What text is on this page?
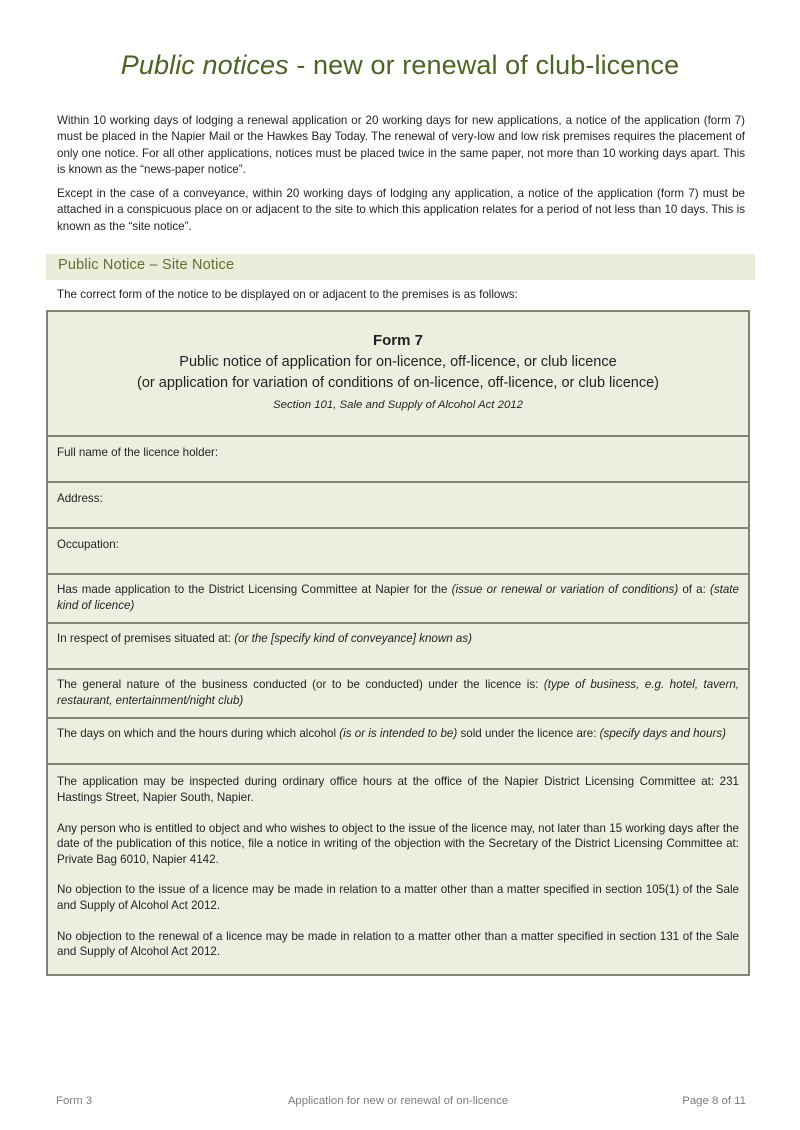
Public notices - new or renewal of club-licence
Within 10 working days of lodging a renewal application or 20 working days for new applications, a notice of the application (form 7) must be placed in the Napier Mail or the Hawkes Bay Today. The renewal of very-low and low risk premises requires the placement of only one notice. For all other applications, notices must be placed twice in the same paper, not more than 10 working days apart. This is known as the “news-paper notice”.
Except in the case of a conveyance, within 20 working days of lodging any application, a notice of the application (form 7) must be attached in a conspicuous place on or adjacent to the site to which this application relates for a period of not less than 10 days. This is known as the “site notice”.
Public Notice – Site Notice
The correct form of the notice to be displayed on or adjacent to the premises is as follows:
Form 7
Public notice of application for on-licence, off-licence, or club licence
(or application for variation of conditions of on-licence, off-licence, or club licence)
Section 101, Sale and Supply of Alcohol Act 2012
Full name of the licence holder:
Address:
Occupation:
Has made application to the District Licensing Committee at Napier for the (issue or renewal or variation of conditions) of a: (state kind of licence)
In respect of premises situated at: (or the [specify kind of conveyance] known as)
The general nature of the business conducted (or to be conducted) under the licence is: (type of business, e.g. hotel, tavern, restaurant, entertainment/night club)
The days on which and the hours during which alcohol (is or is intended to be) sold under the licence are: (specify days and hours)

The application may be inspected during ordinary office hours at the office of the Napier District Licensing Committee at: 231 Hastings Street, Napier South, Napier.

Any person who is entitled to object and who wishes to object to the issue of the licence may, not later than 15 working days after the date of the publication of this notice, file a notice in writing of the objection with the Secretary of the District Licensing Committee at: Private Bag 6010, Napier 4142.

No objection to the issue of a licence may be made in relation to a matter other than a matter specified in section 105(1) of the Sale and Supply of Alcohol Act 2012.

No objection to the renewal of a licence may be made in relation to a matter other than a matter specified in section 131 of the Sale and Supply of Alcohol Act 2012.

Application for new or renewal of on-licence
Form 3	Page 8 of 11
